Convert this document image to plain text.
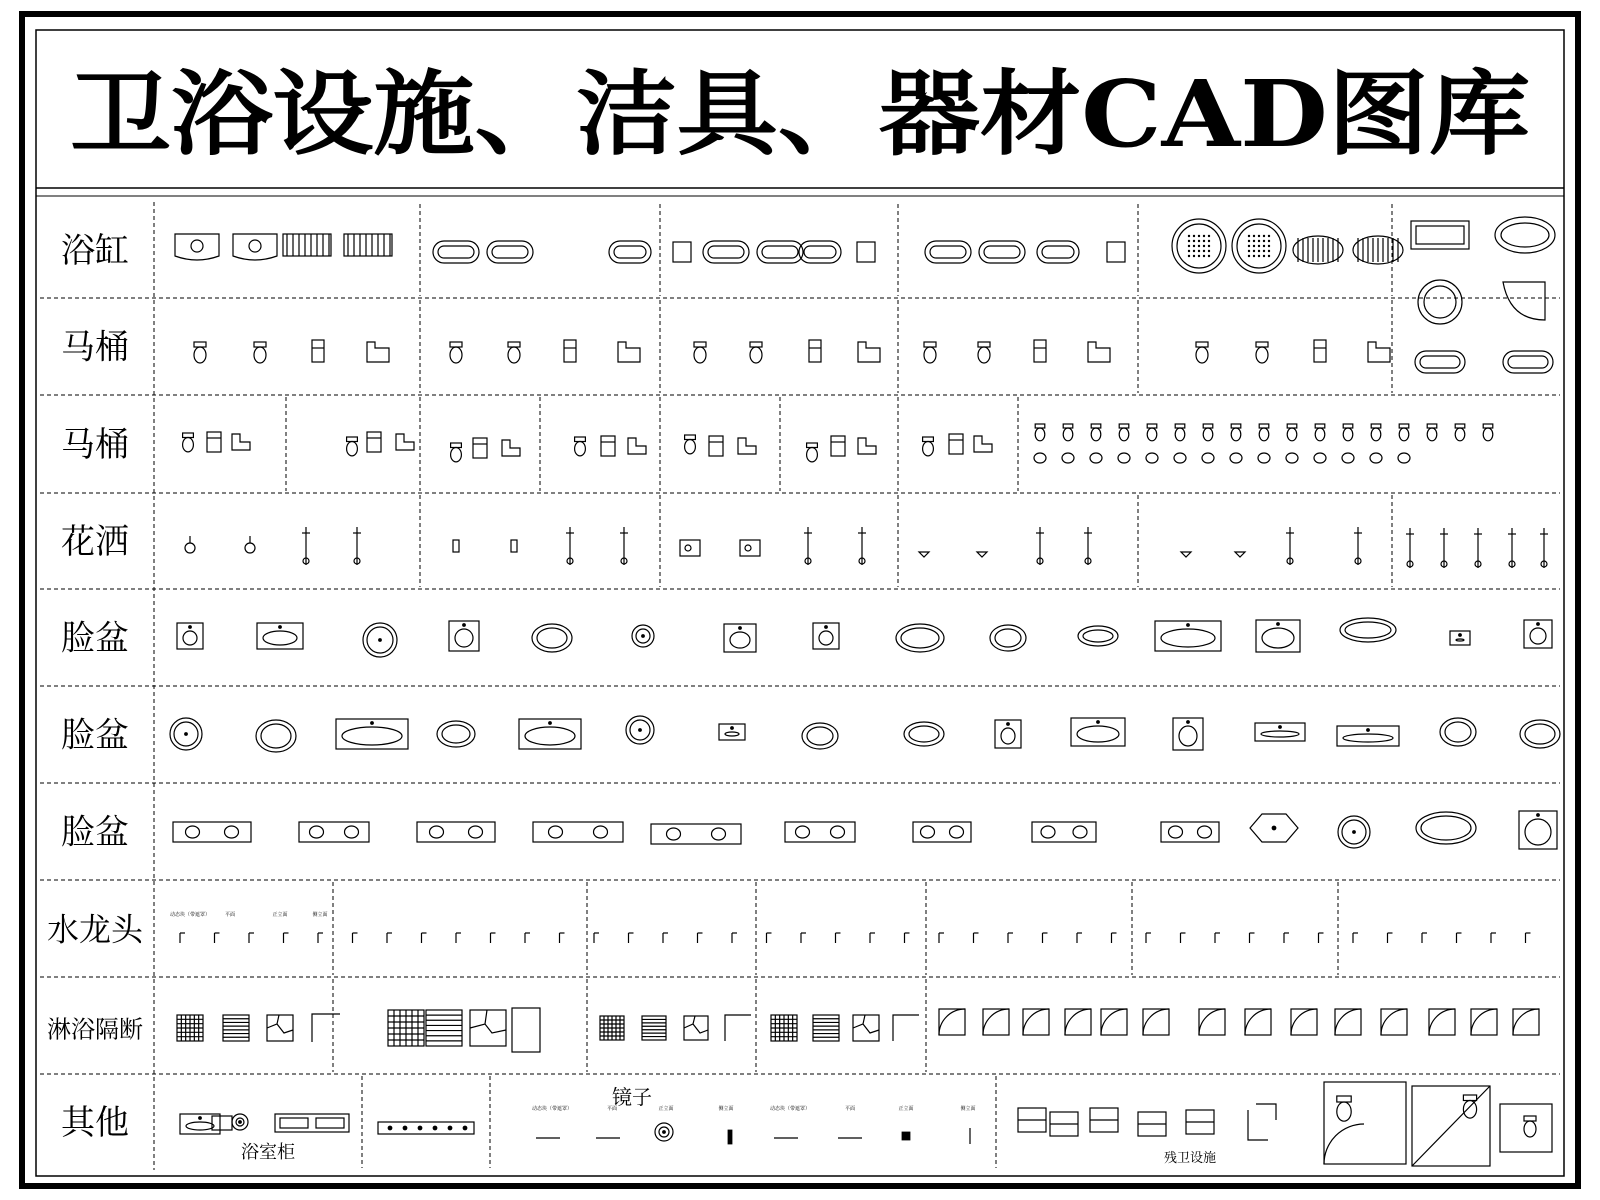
卫浴设施、洁具、器材CAD图库
浴缸
马桶
马桶
花洒
脸盆
脸盆
脸盆
水龙头
淋浴隔断
其他
动态块（带遮罩）	平面	正立面	侧立面
动态块（带遮罩）	平面	正立面	侧立面	动态块（带遮罩）	平面	正立面	侧立面
镜子
浴室柜	残卫设施
